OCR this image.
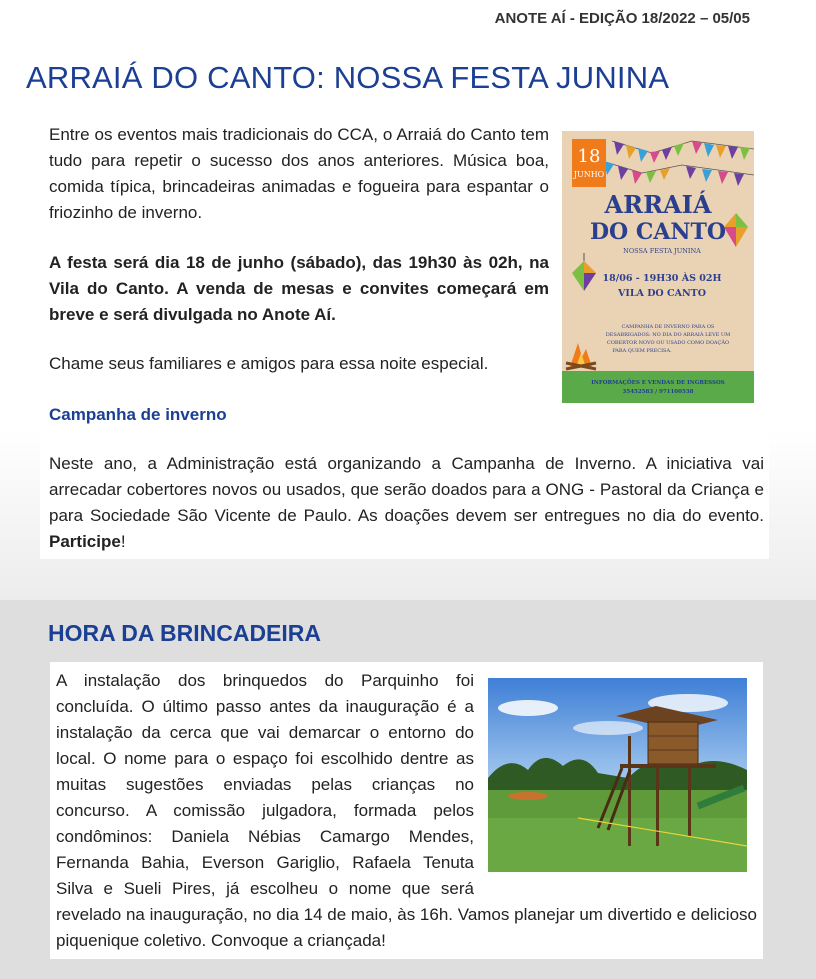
ANOTE AÍ - EDIÇÃO 18/2022 – 05/05
ARRAIÁ DO CANTO: NOSSA FESTA JUNINA

Entre os eventos mais tradicionais do CCA, o Arraiá do Canto tem tudo para repetir o sucesso dos anos anteriores. Música boa, comida típica, brincadeiras animadas e fogueira para espantar o friozinho de inverno.

A festa será dia 18 de junho (sábado), das 19h30 às 02h, na Vila do Canto. A venda de mesas e convites começará em breve e será divulgada no Anote Aí.

Chame seus familiares e amigos para essa noite especial.

Campanha de inverno

Neste ano, a Administração está organizando a Campanha de Inverno. A iniciativa vai arrecadar cobertores novos ou usados, que serão doados para a ONG - Pastoral da Criança e para Sociedade São Vicente de Paulo. As doações devem ser entregues no dia do evento. Participe!

18
JUNHO
ARRAIÁ
DO CANTO
NOSSA FESTA JUNINA
18/06 - 19H30 ÀS 02H
VILA DO CANTO
CAMPANHA DE INVERNO PARA OS
DESABRIGADOS: NO DIA DO ARRAIÁ LEVE UM
COBERTOR NOVO OU USADO COMO DOAÇÃO
PARA QUEM PRECISA.
INFORMAÇÕES E VENDAS DE INGRESSOS
35452583 / 971100538
HORA DA BRINCADEIRA
A instalação dos brinquedos do Parquinho foi
concluída. O último passo antes da inauguração é a
instalação da cerca que vai demarcar o entorno do
local. O nome para o espaço foi escolhido dentre as
muitas sugestões enviadas pelas crianças no
concurso. A comissão julgadora, formada pelos
condôminos: Daniela Nébias Camargo Mendes,
Fernanda Bahia, Everson Gariglio, Rafaela Tenuta
Silva e Sueli Pires, já escolheu o nome que será

revelado na inauguração, no dia 14 de maio, às 16h. Vamos planejar um divertido e delicioso piquenique coletivo. Convoque a criançada!
